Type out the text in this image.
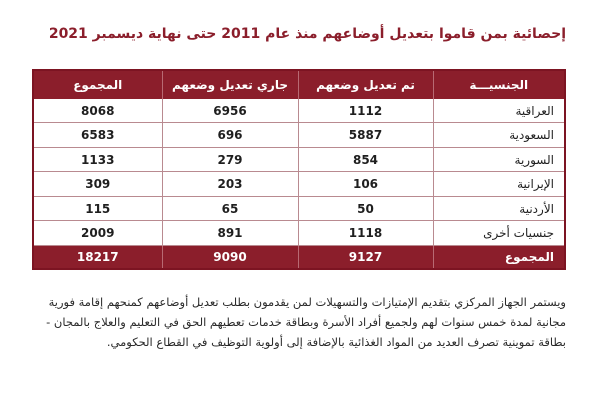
إحصائية بمن قاموا بتعديل أوضاعهم منذ عام 2011 حتى نهاية ديسمبر 2021
الجنسيـــة	تم تعديل وضعهم	جاري تعديل وضعهم	المجموع
العراقية	1112	6956	8068
السعودية	5887	696	6583
السورية	854	279	1133
الإيرانية	106	203	309
الأردنية	50	65	115
جنسيات أخرى	1118	891	2009
المجموع	9127	9090	18217
ويستمر الجهاز المركزي بتقديم الإمتيازات والتسهيلات لمن يقدمون بطلب تعديل أوضاعهم كمنحهم إقامة فورية
مجانية لمدة خمس سنوات لهم ولجميع أفراد الأسرة وبطاقة خدمات تعطيهم الحق في التعليم والعلاج بالمجان -
بطاقة تموينية تصرف العديد من المواد الغذائية بالإضافة إلى أولوية التوظيف في القطاع الحكومي.
